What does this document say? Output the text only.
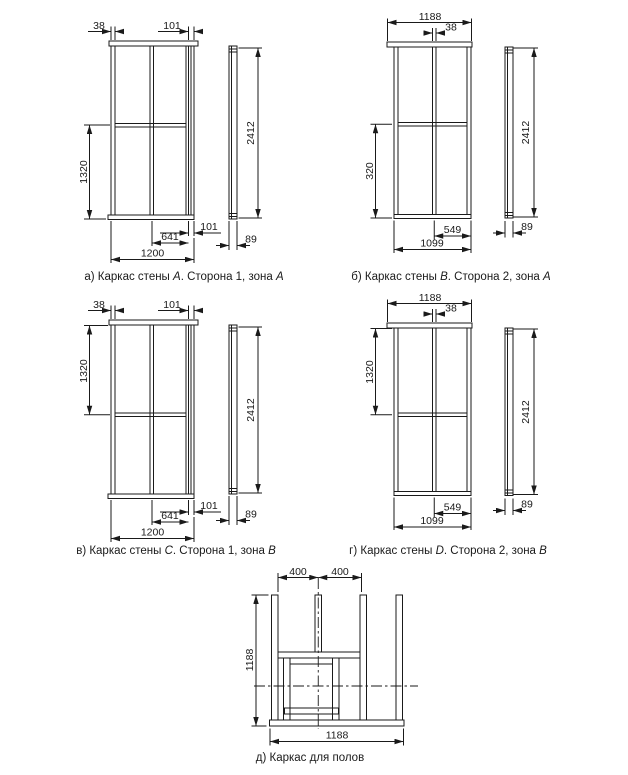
38	101
1320
101
641
1200
2412
89
а) Каркас стены A. Сторона 1, зона A
1188
38
320
549
1099
2412
89
б) Каркас стены B. Сторона 2, зона A
38	101
1320
101
641
1200
2412
89
в) Каркас стены C. Сторона 1, зона B
1188
38
1320
549
1099
2412
89
г) Каркас стены D. Сторона 2, зона B
400 400
1188
1188
д) Каркас для полов
